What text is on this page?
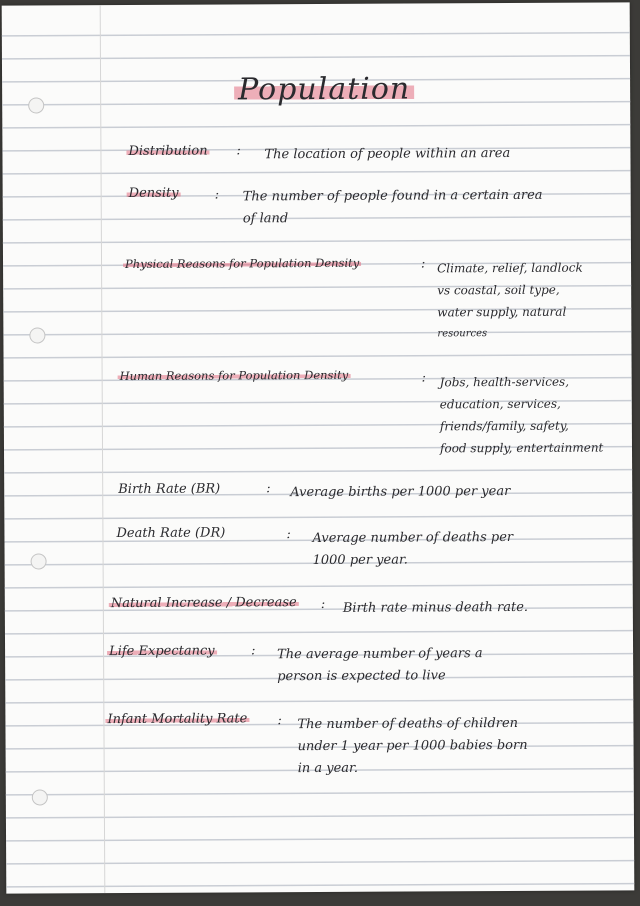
Population
Distribution : The location of people within an area
Density	: The number of people found in a certain area
of land
Physical Reasons for Population Density	: Climate, relief, landlock
vs coastal, soil type,
water supply, natural
resources
Human Reasons for Population Density	: Jobs, health-services,
education, services,
friends/family, safety,
food supply, entertainment
Birth Rate (BR)	: Average births per 1000 per year
Death Rate (DR)	: Average number of deaths per
1000 per year.
Natural Increase / Decrease : Birth rate minus death rate.
Life Expectancy	: The average number of years a
person is expected to live
Infant Mortality Rate : The number of deaths of children
under 1 year per 1000 babies born
in a year.
